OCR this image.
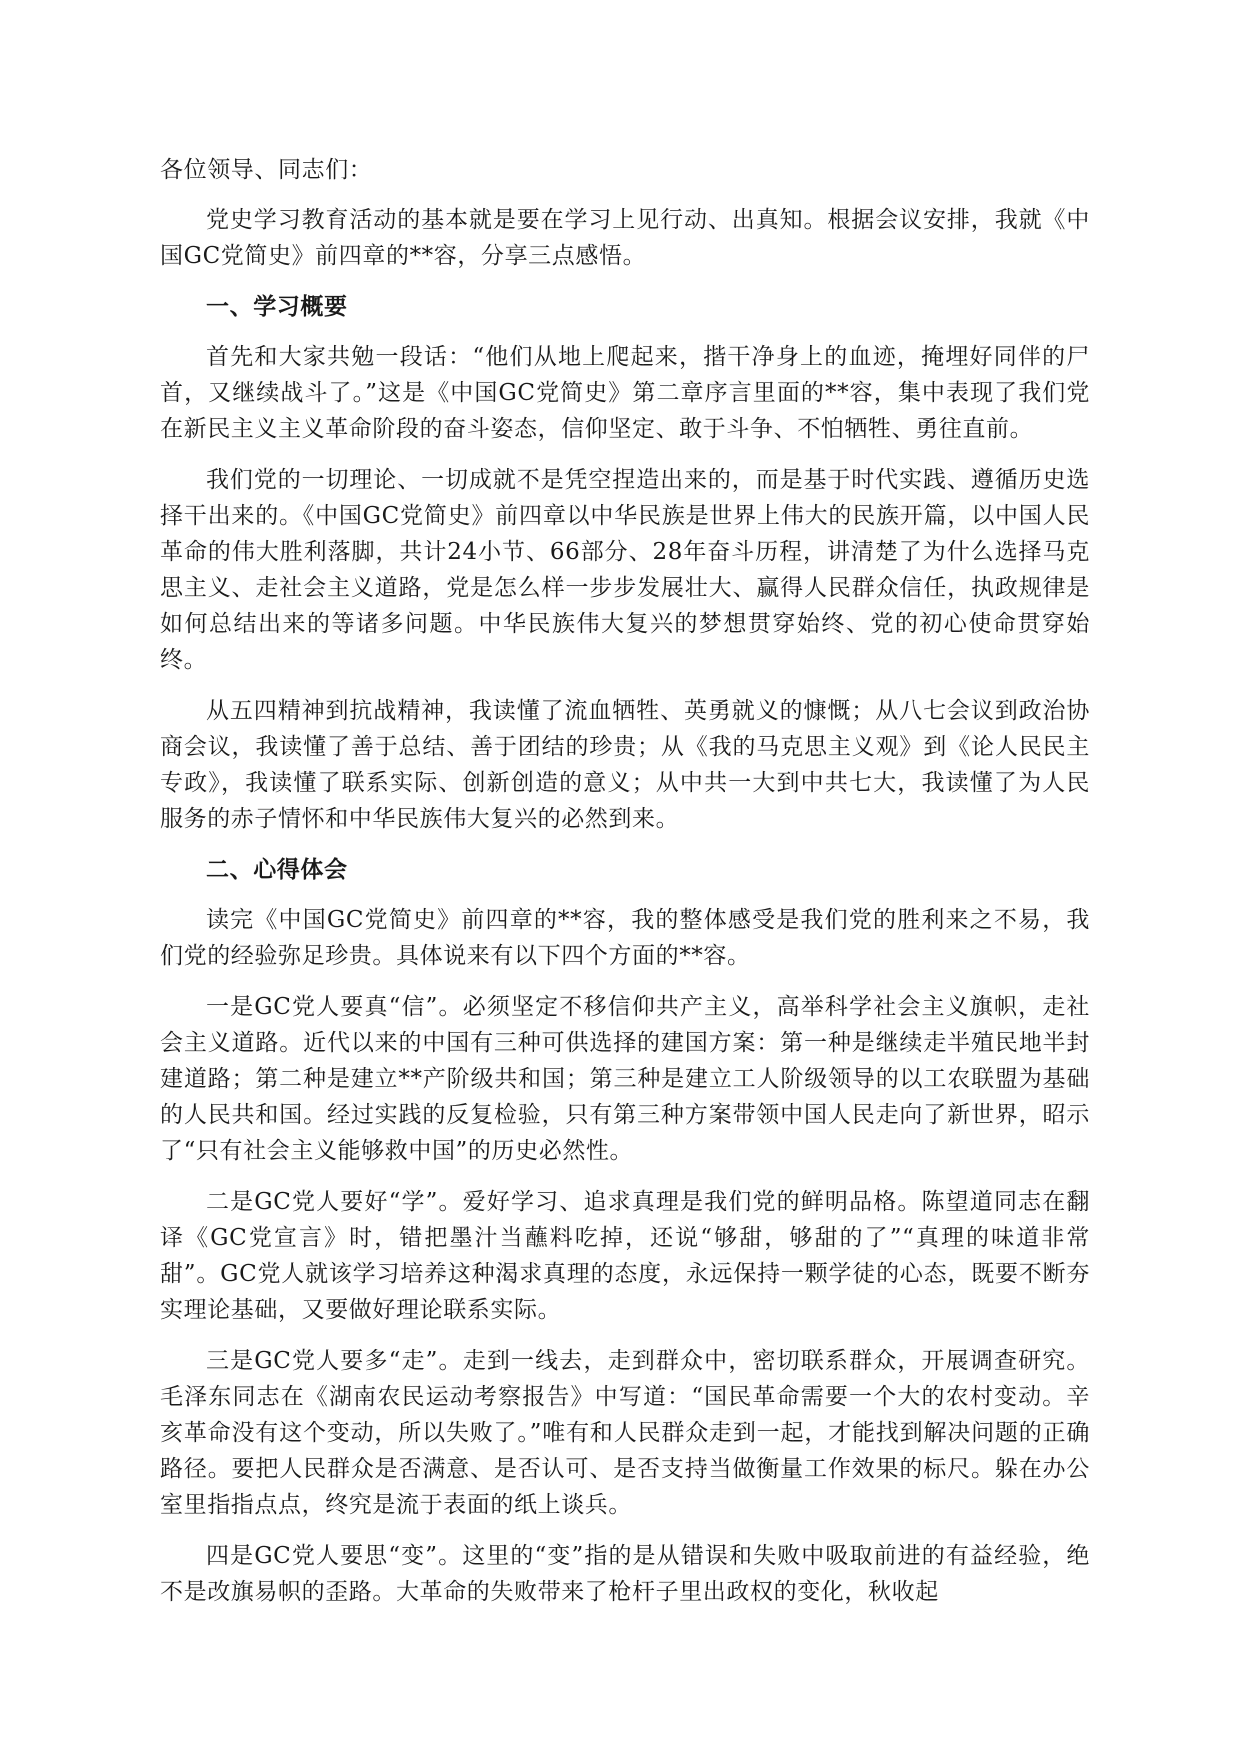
各位领导、同志们：

党史学习教育活动的基本就是要在学习上见行动、出真知。根据会议安排，我就《中国GC党简史》前四章的**容，分享三点感悟。

一、学习概要

首先和大家共勉一段话：“他们从地上爬起来，揩干净身上的血迹，掩埋好同伴的尸首，又继续战斗了。”这是《中国GC党简史》第二章序言里面的**容，集中表现了我们党在新民主义主义革命阶段的奋斗姿态，信仰坚定、敢于斗争、不怕牺牲、勇往直前。

我们党的一切理论、一切成就不是凭空捏造出来的，而是基于时代实践、遵循历史选择干出来的。《中国GC党简史》前四章以中华民族是世界上伟大的民族开篇，以中国人民革命的伟大胜利落脚，共计24小节、66部分、28年奋斗历程，讲清楚了为什么选择马克思主义、走社会主义道路，党是怎么样一步步发展壮大、赢得人民群众信任，执政规律是如何总结出来的等诸多问题。中华民族伟大复兴的梦想贯穿始终、党的初心使命贯穿始终。

从五四精神到抗战精神，我读懂了流血牺牲、英勇就义的慷慨；从八七会议到政治协商会议，我读懂了善于总结、善于团结的珍贵；从《我的马克思主义观》到《论人民民主专政》，我读懂了联系实际、创新创造的意义；从中共一大到中共七大，我读懂了为人民服务的赤子情怀和中华民族伟大复兴的必然到来。

二、心得体会

读完《中国GC党简史》前四章的**容，我的整体感受是我们党的胜利来之不易，我们党的经验弥足珍贵。具体说来有以下四个方面的**容。

一是GC党人要真“信”。必须坚定不移信仰共产主义，高举科学社会主义旗帜，走社会主义道路。近代以来的中国有三种可供选择的建国方案：第一种是继续走半殖民地半封建道路；第二种是建立**产阶级共和国；第三种是建立工人阶级领导的以工农联盟为基础的人民共和国。经过实践的反复检验，只有第三种方案带领中国人民走向了新世界，昭示了“只有社会主义能够救中国”的历史必然性。

二是GC党人要好“学”。爱好学习、追求真理是我们党的鲜明品格。陈望道同志在翻译《GC党宣言》时，错把墨汁当蘸料吃掉，还说“够甜，够甜的了”“真理的味道非常甜”。GC党人就该学习培养这种渴求真理的态度，永远保持一颗学徒的心态，既要不断夯实理论基础，又要做好理论联系实际。

三是GC党人要多“走”。走到一线去，走到群众中，密切联系群众，开展调查研究。毛泽东同志在《湖南农民运动考察报告》中写道：“国民革命需要一个大的农村变动。辛亥革命没有这个变动，所以失败了。”唯有和人民群众走到一起，才能找到解决问题的正确路径。要把人民群众是否满意、是否认可、是否支持当做衡量工作效果的标尺。躲在办公室里指指点点，终究是流于表面的纸上谈兵。

四是GC党人要思“变”。这里的“变”指的是从错误和失败中吸取前进的有益经验，绝不是改旗易帜的歪路。大革命的失败带来了枪杆子里出政权的变化，秋收起
